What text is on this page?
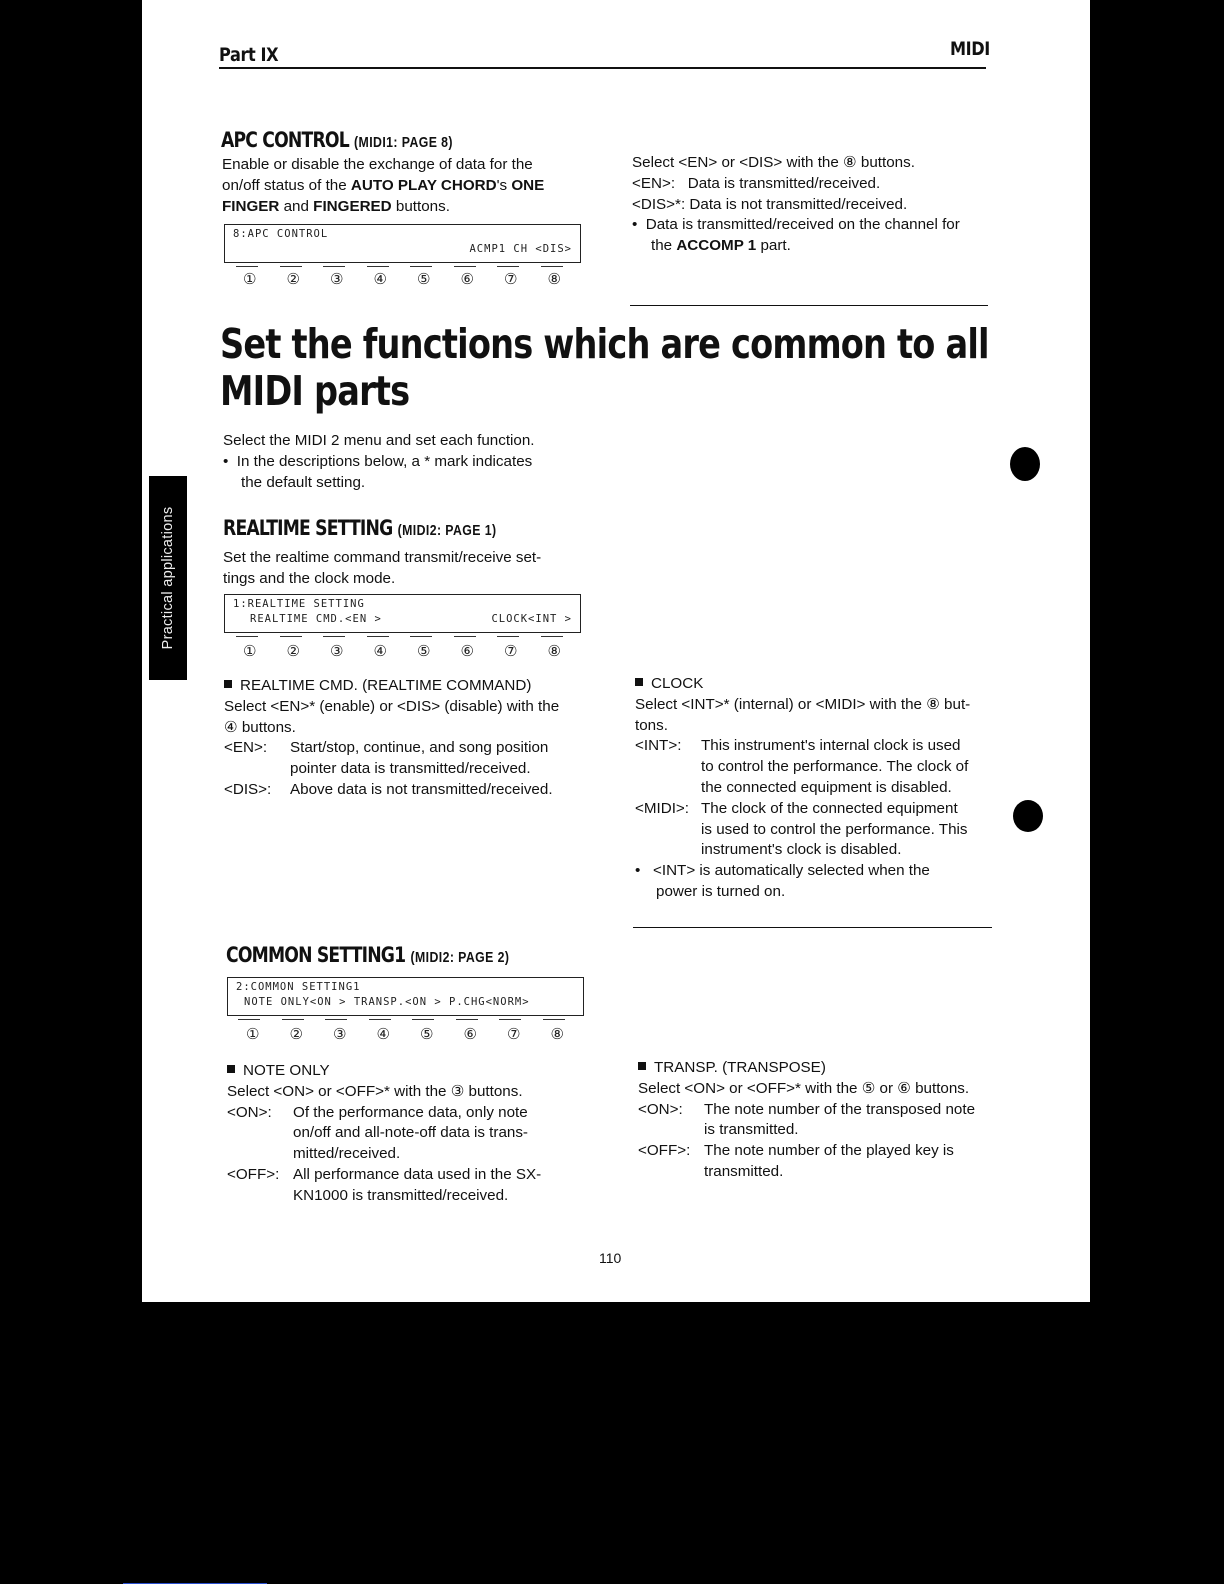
Part IX	MIDI
APC CONTROL (MIDI1: PAGE 8)

Enable or disable the exchange of data for the

on/off status of the AUTO PLAY CHORD's ONE

FINGER and FINGERED buttons.

8:APC CONTROL
ACMP1 CH <DIS>
① ② ③ ④ ⑤ ⑥ ⑦ ⑧

Select <EN> or <DIS> with the ⑧ buttons.

<EN>: Data is transmitted/received.

<DIS>*: Data is not transmitted/received.

•  Data is transmitted/received on the channel for

the ACCOMP 1 part.

Set the functions which are common to all
MIDI parts

Select the MIDI 2 menu and set each function.

•  In the descriptions below, a * mark indicates

the default setting.

Practical applications REALTIME SETTING (MIDI2: PAGE 1)

Set the realtime command transmit/receive set-

tings and the clock mode.

1:REALTIME SETTING
REALTIME CMD.<EN >	CLOCK<INT >
① ② ③ ④ ⑤ ⑥ ⑦ ⑧

REALTIME CMD. (REALTIME COMMAND)

Select <EN>* (enable) or <DIS> (disable) with the

④ buttons.

<EN>: Start/stop, continue, and song position

pointer data is transmitted/received.

<DIS>: Above data is not transmitted/received.

CLOCK

Select <INT>* (internal) or <MIDI> with the ⑧ but-

tons.

<INT>: This instrument's internal clock is used

to control the performance. The clock of

the connected equipment is disabled.

<MIDI>: The clock of the connected equipment

is used to control the performance. This

instrument's clock is disabled.

•   <INT> is automatically selected when the

power is turned on.

COMMON SETTING1 (MIDI2: PAGE 2)
2:COMMON SETTING1
NOTE ONLY<ON > TRANSP.<ON > P.CHG<NORM>
① ② ③ ④ ⑤ ⑥ ⑦ ⑧

NOTE ONLY

Select <ON> or <OFF>* with the ③ buttons.

<ON>: Of the performance data, only note

on/off and all-note-off data is trans-

mitted/received.

<OFF>: All performance data used in the SX-

KN1000 is transmitted/received.

TRANSP. (TRANSPOSE)

Select <ON> or <OFF>* with the ⑤ or ⑥ buttons.

<ON>: The note number of the transposed note

is transmitted.

<OFF>: The note number of the played key is

transmitted.

110
